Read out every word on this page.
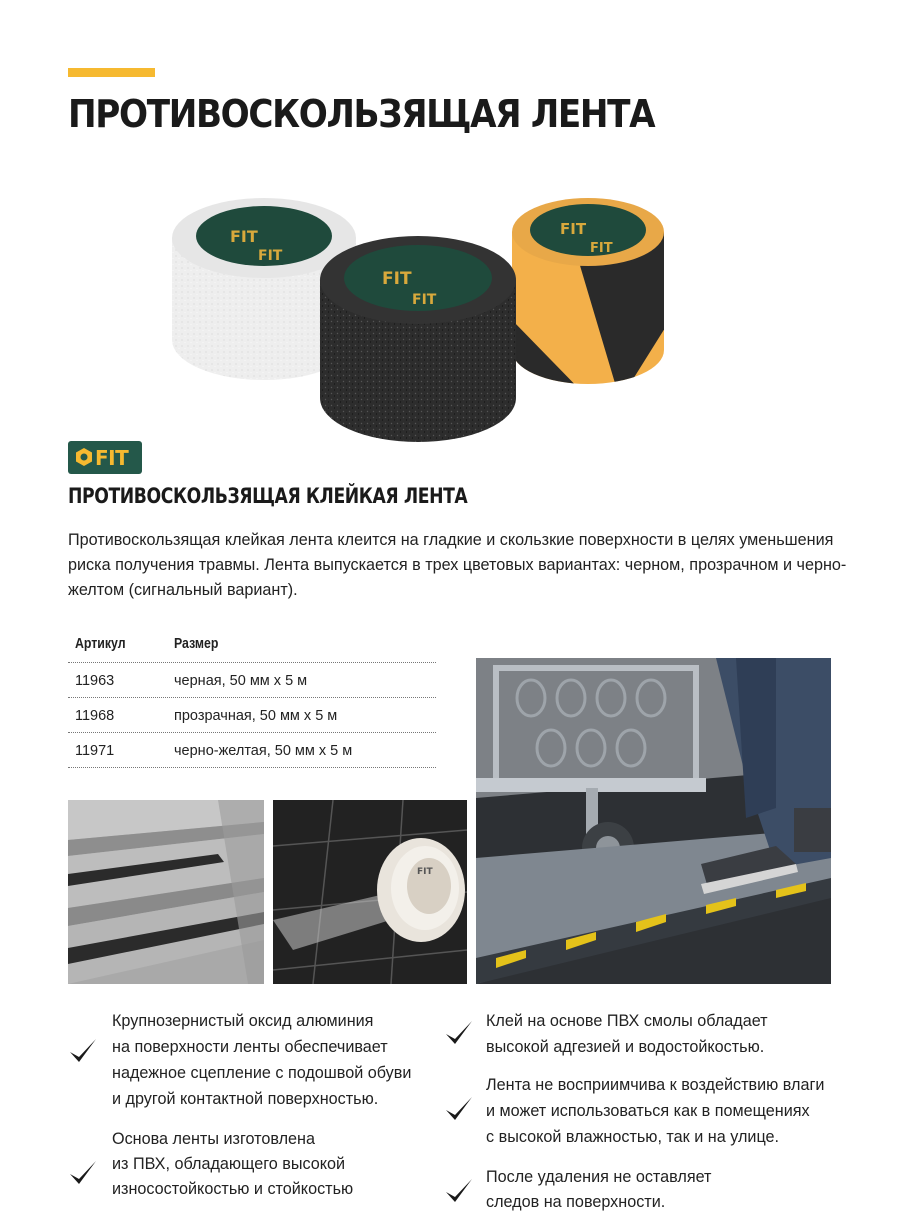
ПРОТИВОСКОЛЬЗЯЩАЯ ЛЕНТА
FIT
FIT
FIT
FIT
FIT
FIT
FIT
ПРОТИВОСКОЛЬЗЯЩАЯ КЛЕЙКАЯ ЛЕНТА

Противоскользящая клейкая лента клеится на гладкие и скользкие поверхности в целях уменьшения риска получения травмы. Лента выпускается в трех цветовых вариантах: черном, прозрачном и черно-желтом (сигнальный вариант).

Артикул	Размер
11963	черная, 50 мм х 5 м
11968	прозрачная, 50 мм х 5 м
11971	черно-желтая, 50 мм х 5 м
FIT

Крупнозернистый оксид алюминия

на поверхности ленты обеспечивает

надежное сцепление с подошвой обуви

и другой контактной поверхностью.

Основа ленты изготовлена

из ПВХ, обладающего высокой

износостойкостью и стойкостью

Клей на основе ПВХ смолы обладает

высокой адгезией и водостойкостью.

Лента не восприимчива к воздействию влаги

и может использоваться как в помещениях

с высокой влажностью, так и на улице.

После удаления не оставляет

следов на поверхности.
